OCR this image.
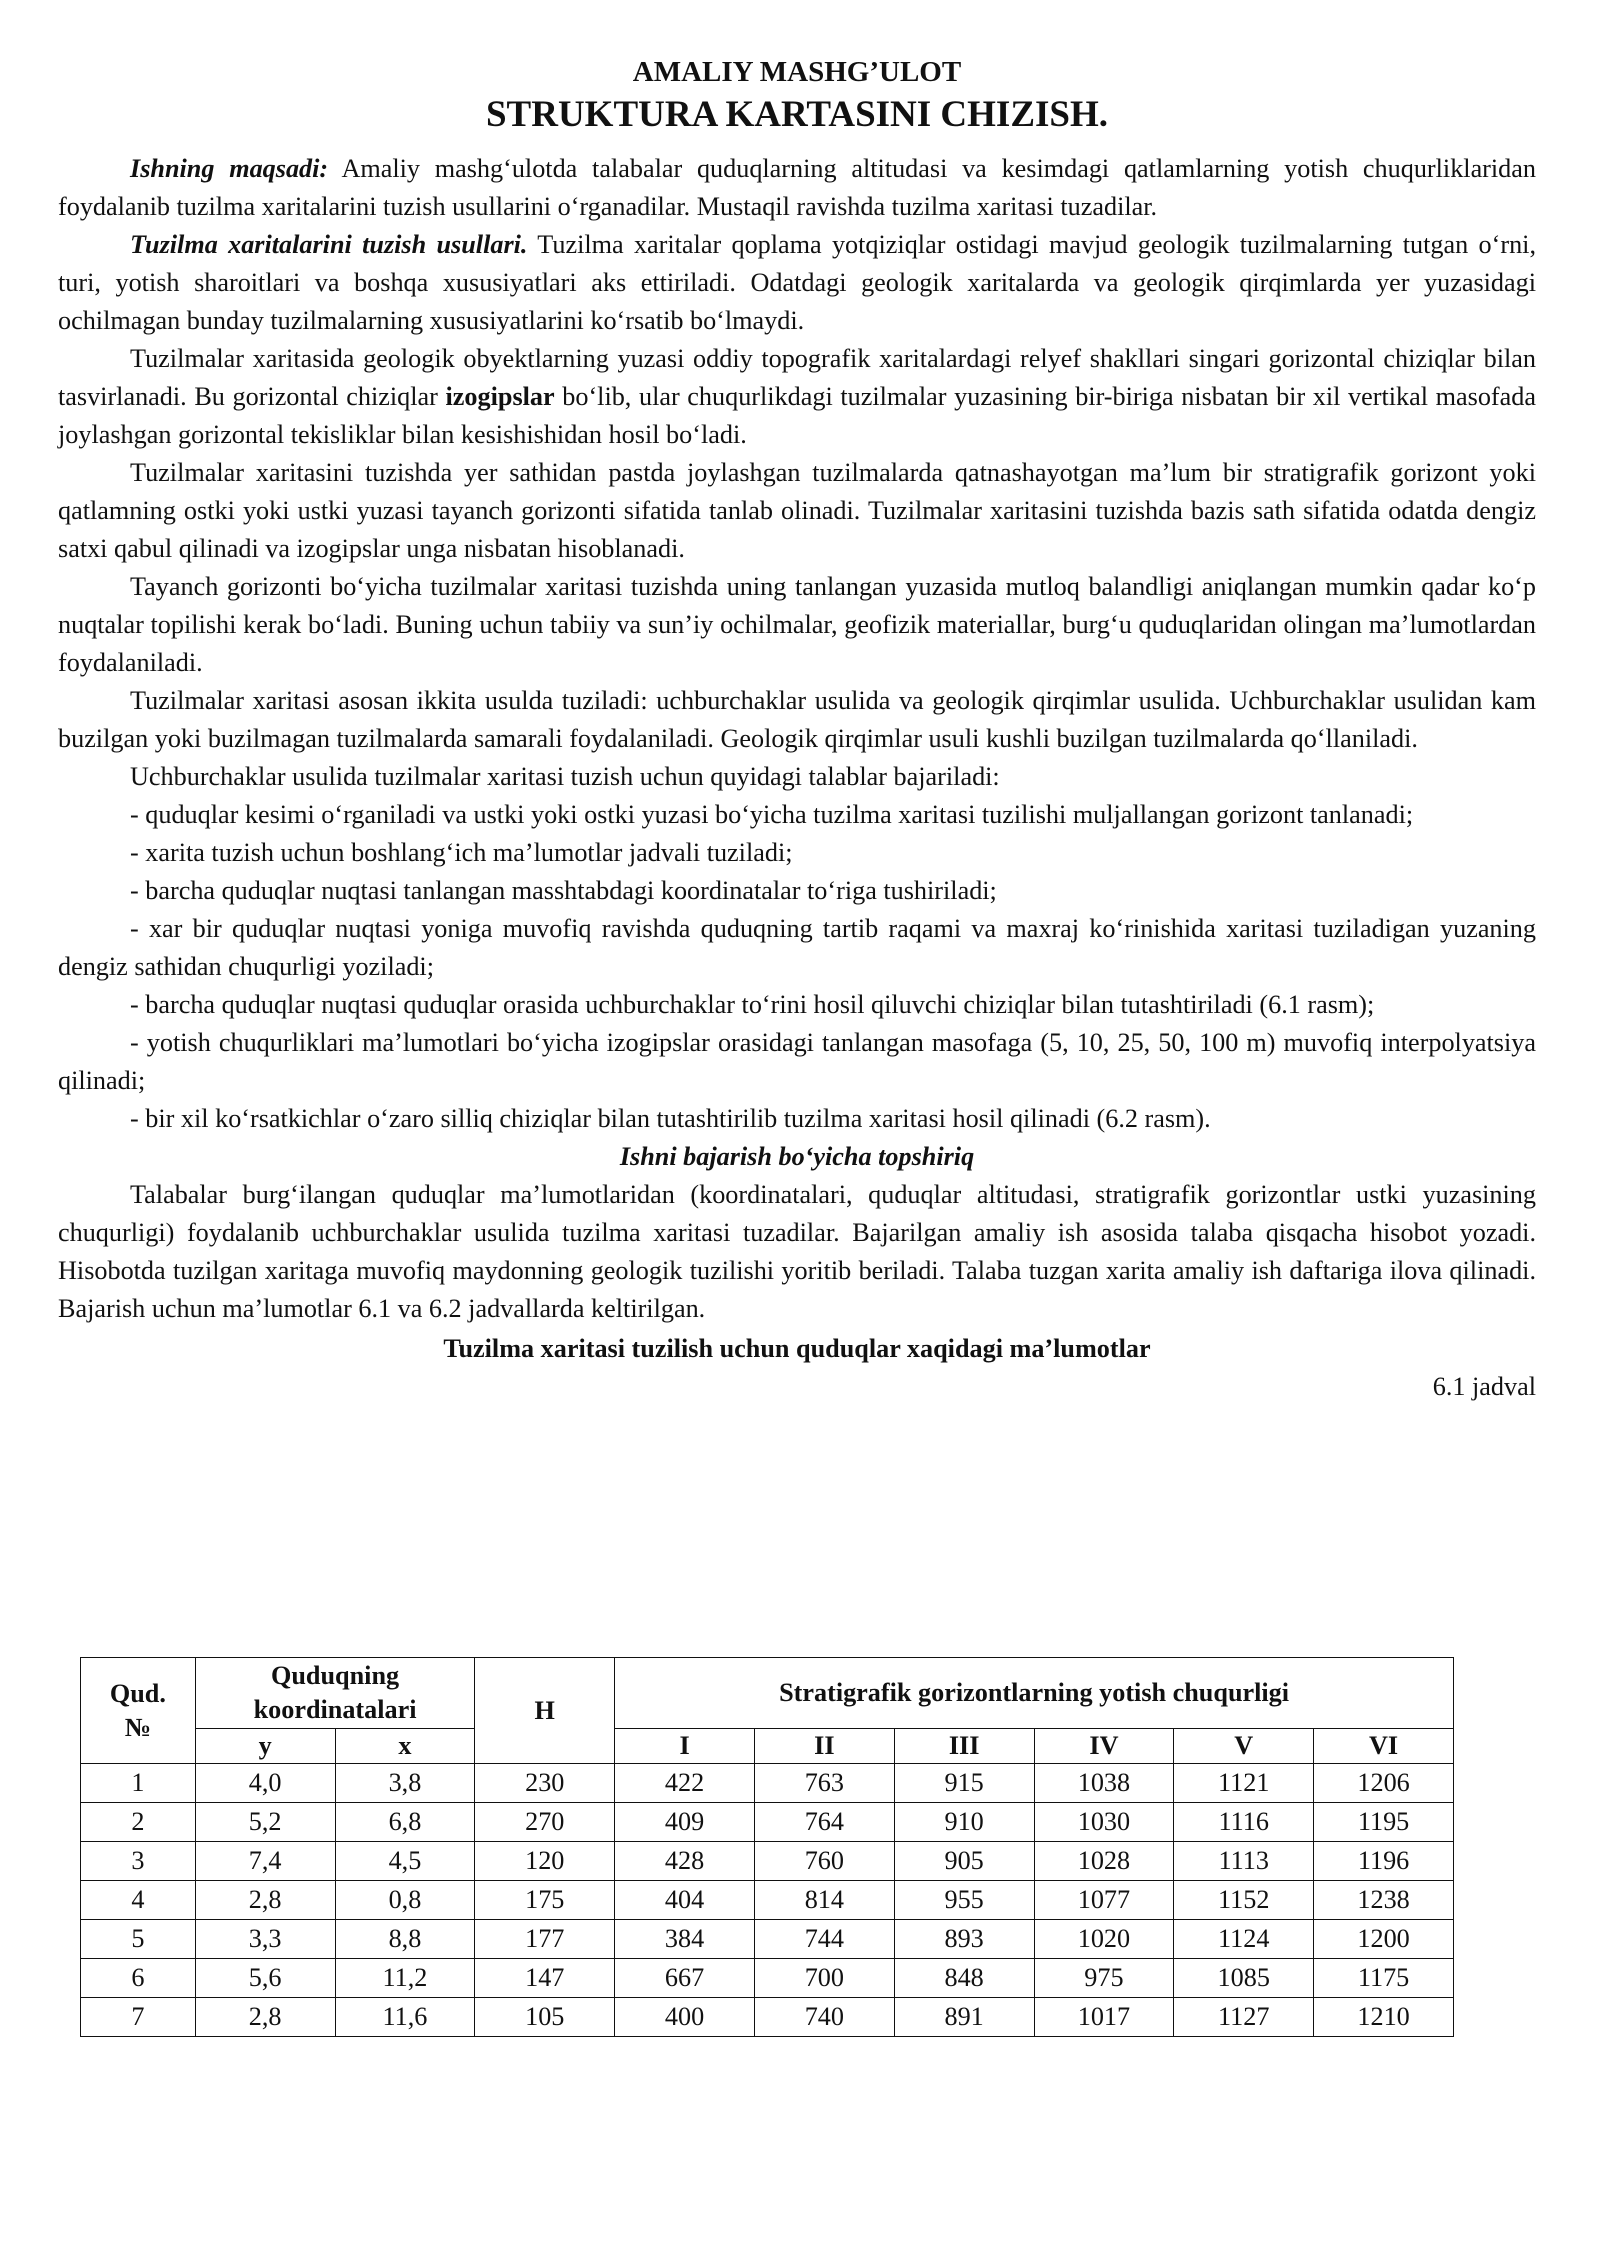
AMALIY MASHG’ULOT
STRUKTURA KARTASINI CHIZISH.

Ishning maqsadi: Amaliy mashg‘ulotda talabalar quduqlarning altitudasi va kesimdagi qatlamlarning yotish chuqurliklaridan foydalanib tuzilma xaritalarini tuzish usullarini o‘rganadilar. Mustaqil ravishda tuzilma xaritasi tuzadilar.

Tuzilma xaritalarini tuzish usullari. Tuzilma xaritalar qoplama yotqiziqlar ostidagi mavjud geologik tuzilmalarning tutgan o‘rni, turi, yotish sharoitlari va boshqa xususiyatlari aks ettiriladi. Odatdagi geologik xaritalarda va geologik qirqimlarda yer yuzasidagi ochilmagan bunday tuzilmalarning xususiyatlarini ko‘rsatib bo‘lmaydi.

Tuzilmalar xaritasida geologik obyektlarning yuzasi oddiy topografik xaritalardagi relyef shakllari singari gorizontal chiziqlar bilan tasvirlanadi. Bu gorizontal chiziqlar izogipslar bo‘lib, ular chuqurlikdagi tuzilmalar yuzasining bir-biriga nisbatan bir xil vertikal masofada joylashgan gorizontal tekisliklar bilan kesishishidan hosil bo‘ladi.

Tuzilmalar xaritasini tuzishda yer sathidan pastda joylashgan tuzilmalarda qatnashayotgan ma’lum bir stratigrafik gorizont yoki qatlamning ostki yoki ustki yuzasi tayanch gorizonti sifatida tanlab olinadi. Tuzilmalar xaritasini tuzishda bazis sath sifatida odatda dengiz satxi qabul qilinadi va izogipslar unga nisbatan hisoblanadi.

Tayanch gorizonti bo‘yicha tuzilmalar xaritasi tuzishda uning tanlangan yuzasida mutloq balandligi aniqlangan mumkin qadar ko‘p nuqtalar topilishi kerak bo‘ladi. Buning uchun tabiiy va sun’iy ochilmalar, geofizik materiallar, burg‘u quduqlaridan olingan ma’lumotlardan foydalaniladi.

Tuzilmalar xaritasi asosan ikkita usulda tuziladi: uchburchaklar usulida va geologik qirqimlar usulida. Uchburchaklar usulidan kam buzilgan yoki buzilmagan tuzilmalarda samarali foydalaniladi. Geologik qirqimlar usuli kushli buzilgan tuzilmalarda qo‘llaniladi.

Uchburchaklar usulida tuzilmalar xaritasi tuzish uchun quyidagi talablar bajariladi:

- quduqlar kesimi o‘rganiladi va ustki yoki ostki yuzasi bo‘yicha tuzilma xaritasi tuzilishi muljallangan gorizont tanlanadi;

- xarita tuzish uchun boshlang‘ich ma’lumotlar jadvali tuziladi;

- barcha quduqlar nuqtasi tanlangan masshtabdagi koordinatalar to‘riga tushiriladi;

- xar bir quduqlar nuqtasi yoniga muvofiq ravishda quduqning tartib raqami va maxraj ko‘rinishida xaritasi tuziladigan yuzaning dengiz sathidan chuqurligi yoziladi;

- barcha quduqlar nuqtasi quduqlar orasida uchburchaklar to‘rini hosil qiluvchi chiziqlar bilan tutashtiriladi (6.1 rasm);

- yotish chuqurliklari ma’lumotlari bo‘yicha izogipslar orasidagi tanlangan masofaga (5, 10, 25, 50, 100 m) muvofiq interpolyatsiya qilinadi;

- bir xil ko‘rsatkichlar o‘zaro silliq chiziqlar bilan tutashtirilib tuzilma xaritasi hosil qilinadi (6.2 rasm).

Ishni bajarish bo‘yicha topshiriq

Talabalar burg‘ilangan quduqlar ma’lumotlaridan (koordinatalari, quduqlar altitudasi, stratigrafik gorizontlar ustki yuzasining chuqurligi) foydalanib uchburchaklar usulida tuzilma xaritasi tuzadilar. Bajarilgan amaliy ish asosida talaba qisqacha hisobot yozadi. Hisobotda tuzilgan xaritaga muvofiq maydonning geologik tuzilishi yoritib beriladi. Talaba tuzgan xarita amaliy ish daftariga ilova qilinadi. Bajarish uchun ma’lumotlar 6.1 va 6.2 jadvallarda keltirilgan.

Tuzilma xaritasi tuzilish uchun quduqlar xaqidagi ma’lumotlar
6.1 jadval
Qud.
№	Quduqning koordinatalari		H	Stratigrafik gorizontlarning yotish chuqurligi					
	y	x		I	II	III	IV	V	VI
1	4,0	3,8	230	422	763	915	1038	1121	1206
2	5,2	6,8	270	409	764	910	1030	1116	1195
3	7,4	4,5	120	428	760	905	1028	1113	1196
4	2,8	0,8	175	404	814	955	1077	1152	1238
5	3,3	8,8	177	384	744	893	1020	1124	1200
6	5,6	11,2	147	667	700	848	975	1085	1175
7	2,8	11,6	105	400	740	891	1017	1127	1210
